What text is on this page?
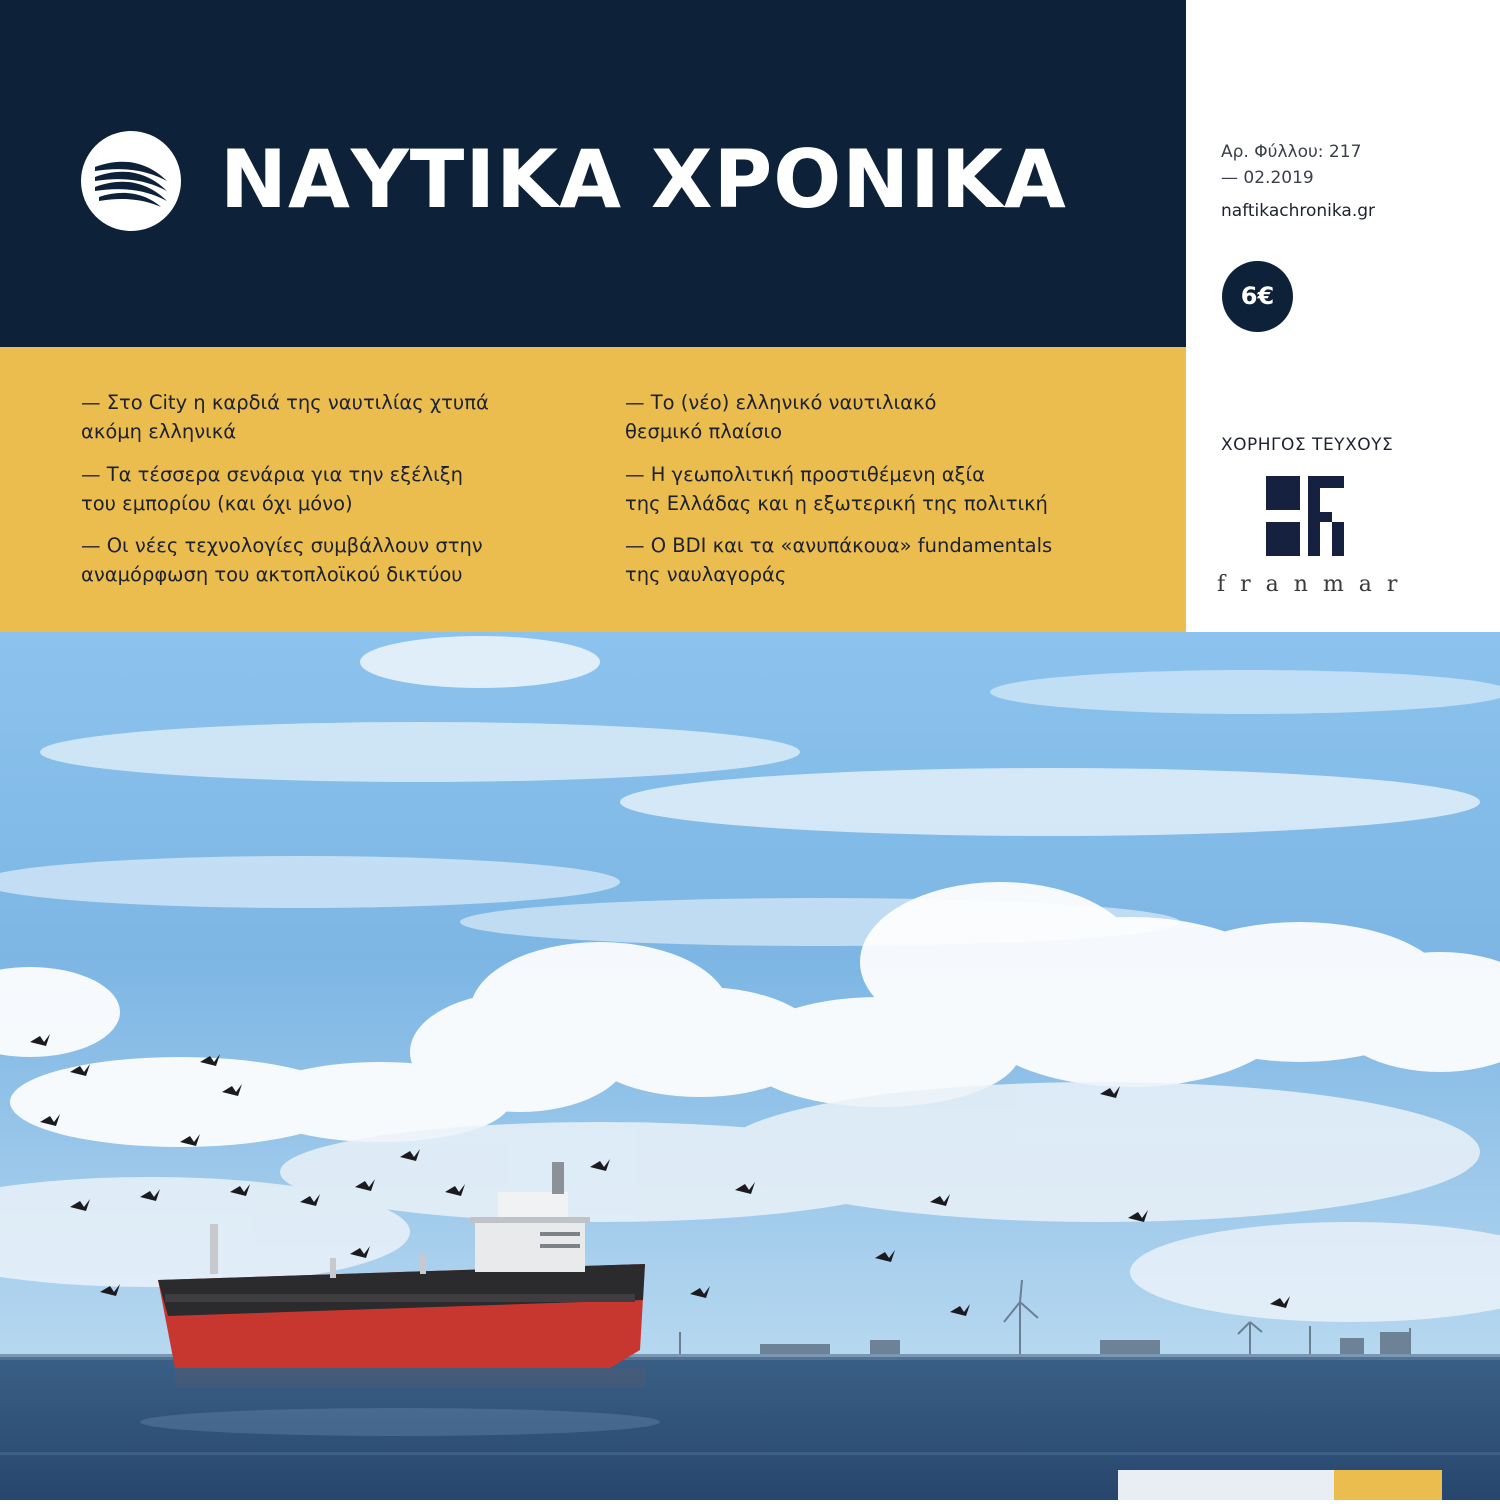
ΝΑΥΤΙΚΑ ΧΡΟΝΙΚΑ
— Στο City η καρδιά της ναυτιλίας χτυπά
ακόμη ελληνικά
— Τα τέσσερα σενάρια για την εξέλιξη
του εμπορίου (και όχι μόνο)
— Οι νέες τεχνολογίες συμβάλλουν στην
αναμόρφωση του ακτοπλοϊκού δικτύου
— Το (νέο) ελληνικό ναυτιλιακό
θεσμικό πλαίσιο
— Η γεωπολιτική προστιθέμενη αξία
της Ελλάδας και η εξωτερική της πολιτική
— Ο BDI και τα «ανυπάκουα» fundamentals
της ναυλαγοράς
Αρ. Φύλλου: 217
— 02.2019
naftikachronika.gr
6€
ΧΟΡΗΓΟΣ ΤΕΥΧΟΥΣ
franmar
